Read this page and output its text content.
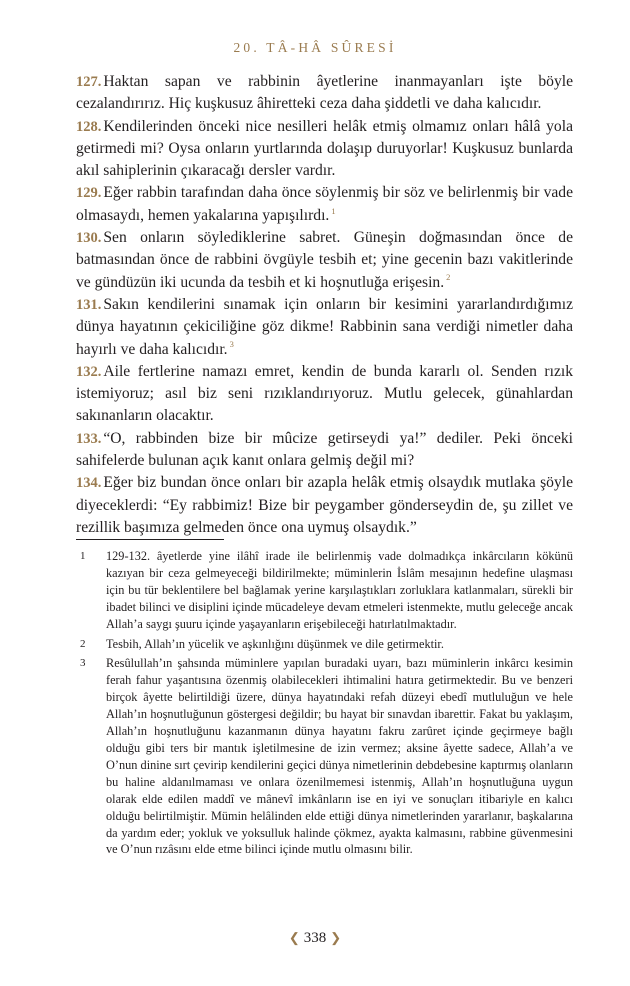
20. TÂ-HÂ SÛRESİ

127. Haktan sapan ve rabbinin âyetlerine inanmayanları işte böyle cezalandırırız. Hiç kuşkusuz âhiretteki ceza daha şiddetli ve daha kalıcıdır.

128. Kendilerinden önceki nice nesilleri helâk etmiş olmamız onları hâlâ yola getirmedi mi? Oysa onların yurtlarında dolaşıp duruyorlar! Kuşkusuz bunlarda akıl sahiplerinin çıkaracağı dersler vardır.

129. Eğer rabbin tarafından daha önce söylenmiş bir söz ve belirlenmiş bir vade olmasaydı, hemen yakalarına yapışılırdı. $^1$

130. Sen onların söylediklerine sabret. Güneşin doğmasından önce de batmasından önce de rabbini övgüyle tesbih et; yine gecenin bazı vakitlerinde ve gündüzün iki ucunda da tesbih et ki hoşnutluğa erişesin. $^2$

131. Sakın kendilerini sınamak için onların bir kesimini yararlandırdığımız dünya hayatının çekiciliğine göz dikme! Rabbinin sana verdiği nimetler daha hayırlı ve daha kalıcıdır. $^3$

132. Aile fertlerine namazı emret, kendin de bunda kararlı ol. Senden rızık istemiyoruz; asıl biz seni rızıklandırıyoruz. Mutlu gelecek, günahlardan sakınanların olacaktır.

133. “O, rabbinden bize bir mûcize getirseydi ya!” dediler. Peki önceki sahifelerde bulunan açık kanıt onlara gelmiş değil mi?

134. Eğer biz bundan önce onları bir azapla helâk etmiş olsaydık mutlaka şöyle diyeceklerdi: “Ey rabbimiz! Bize bir peygamber gönderseydin de, şu zillet ve rezillik başımıza gelmeden önce ona uymuş olsaydık.”

1 129-132. âyetlerde yine ilâhî irade ile belirlenmiş vade dolmadıkça inkârcıların kökünü kazıyan bir ceza gelmeyeceği bildirilmekte; müminlerin İslâm mesajının hedefine ulaşması için bu tür beklentilere bel bağlamak yerine karşılaştıkları zorluklara katlanmaları, sürekli bir ibadet bilinci ve disiplini içinde mücadeleye devam etmeleri istenmekte, mutlu geleceğe ancak Allah’a saygı şuuru içinde yaşayanların erişebileceği hatırlatılmaktadır.

2 Tesbih, Allah’ın yücelik ve aşkınlığını düşünmek ve dile getirmektir.

3 Resûlullah’ın şahsında müminlere yapılan buradaki uyarı, bazı müminlerin inkârcı kesimin ferah fahur yaşantısına özenmiş olabilecekleri ihtimalini hatıra getirmektedir. Bu ve benzeri birçok âyette belirtildiği üzere, dünya hayatındaki refah düzeyi ebedî mutluluğun ve hele Allah’ın hoşnutluğunun göstergesi değildir; bu hayat bir sınavdan ibarettir. Fakat bu yaklaşım, Allah’ın hoşnutluğunu kazanmanın dünya hayatını fakru zarûret içinde geçirmeye bağlı olduğu gibi ters bir mantık işletilmesine de izin vermez; aksine âyette sadece, Allah’a ve O’nun dinine sırt çevirip kendilerini geçici dünya nimetlerinin debdebesine kaptırmış olanların bu haline aldanılmaması ve onlara özenilmemesi istenmiş, Allah’ın hoşnutluğuna uygun olarak elde edilen maddî ve mânevî imkânların ise en iyi ve sonuçları itibariyle en kalıcı olduğu belirtilmiştir. Mümin helâlinden elde ettiği dünya nimetlerinden yararlanır, başkalarına da yardım eder; yokluk ve yoksulluk halinde çökmez, ayakta kalmasını, rabbine güvenmesini ve O’nun rızâsını elde etme bilinci içinde mutlu olmasını bilir.

❮ 338 ❯
